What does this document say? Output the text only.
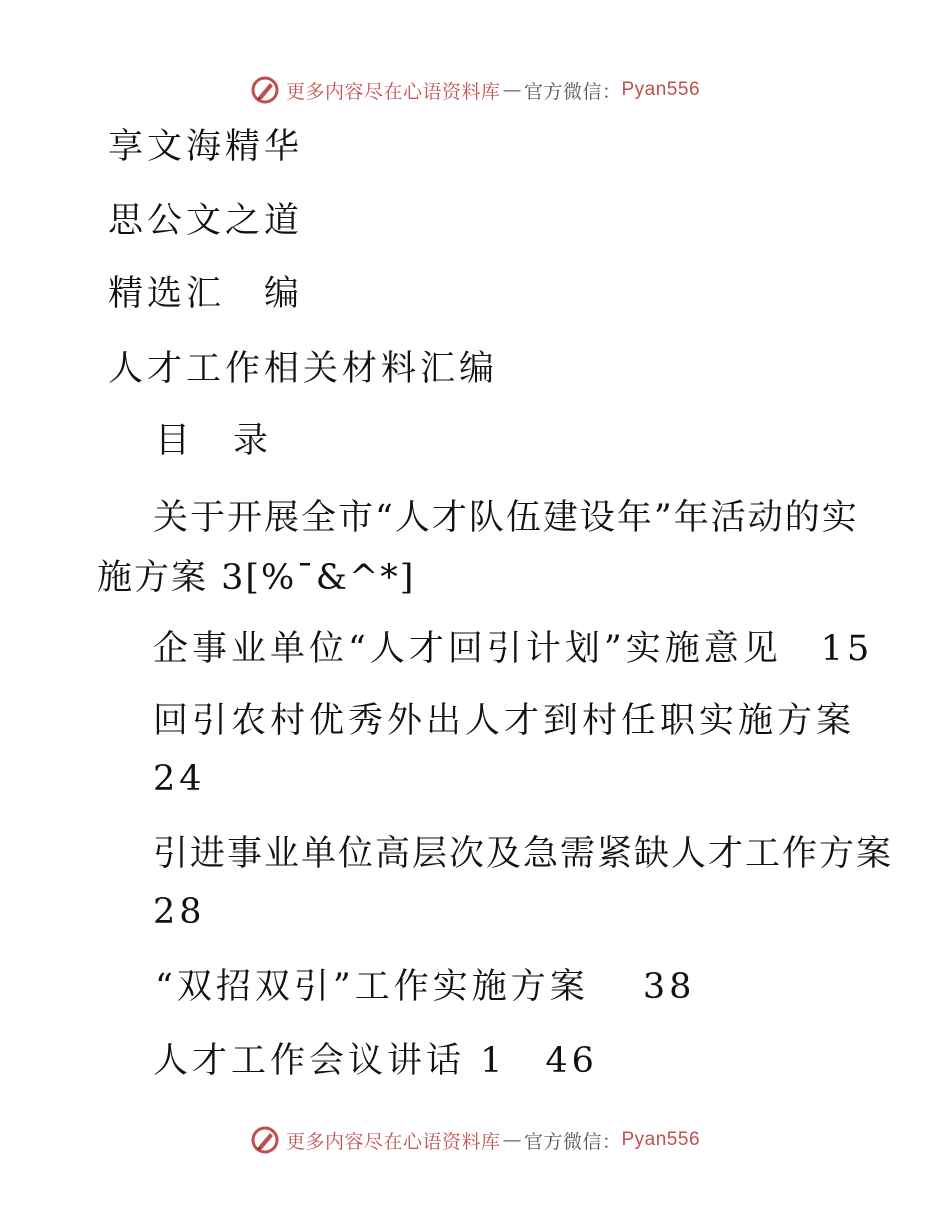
更多内容尽在心语资料库 — 官方微信： Pyan556
享文海精华
思公文之道
精选汇　编
人才工作相关材料汇编
目　录
关于开展全市“人才队伍建设年”年活动的实
施方案 3[%¯&^*]
企事业单位“人才回引计划”实施意见　15
回引农村优秀外出人才到村任职实施方案
24
引进事业单位高层次及急需紧缺人才工作方案
28
“双招双引”工作实施方案　 38
人才工作会议讲话 1　46
更多内容尽在心语资料库 — 官方微信： Pyan556
